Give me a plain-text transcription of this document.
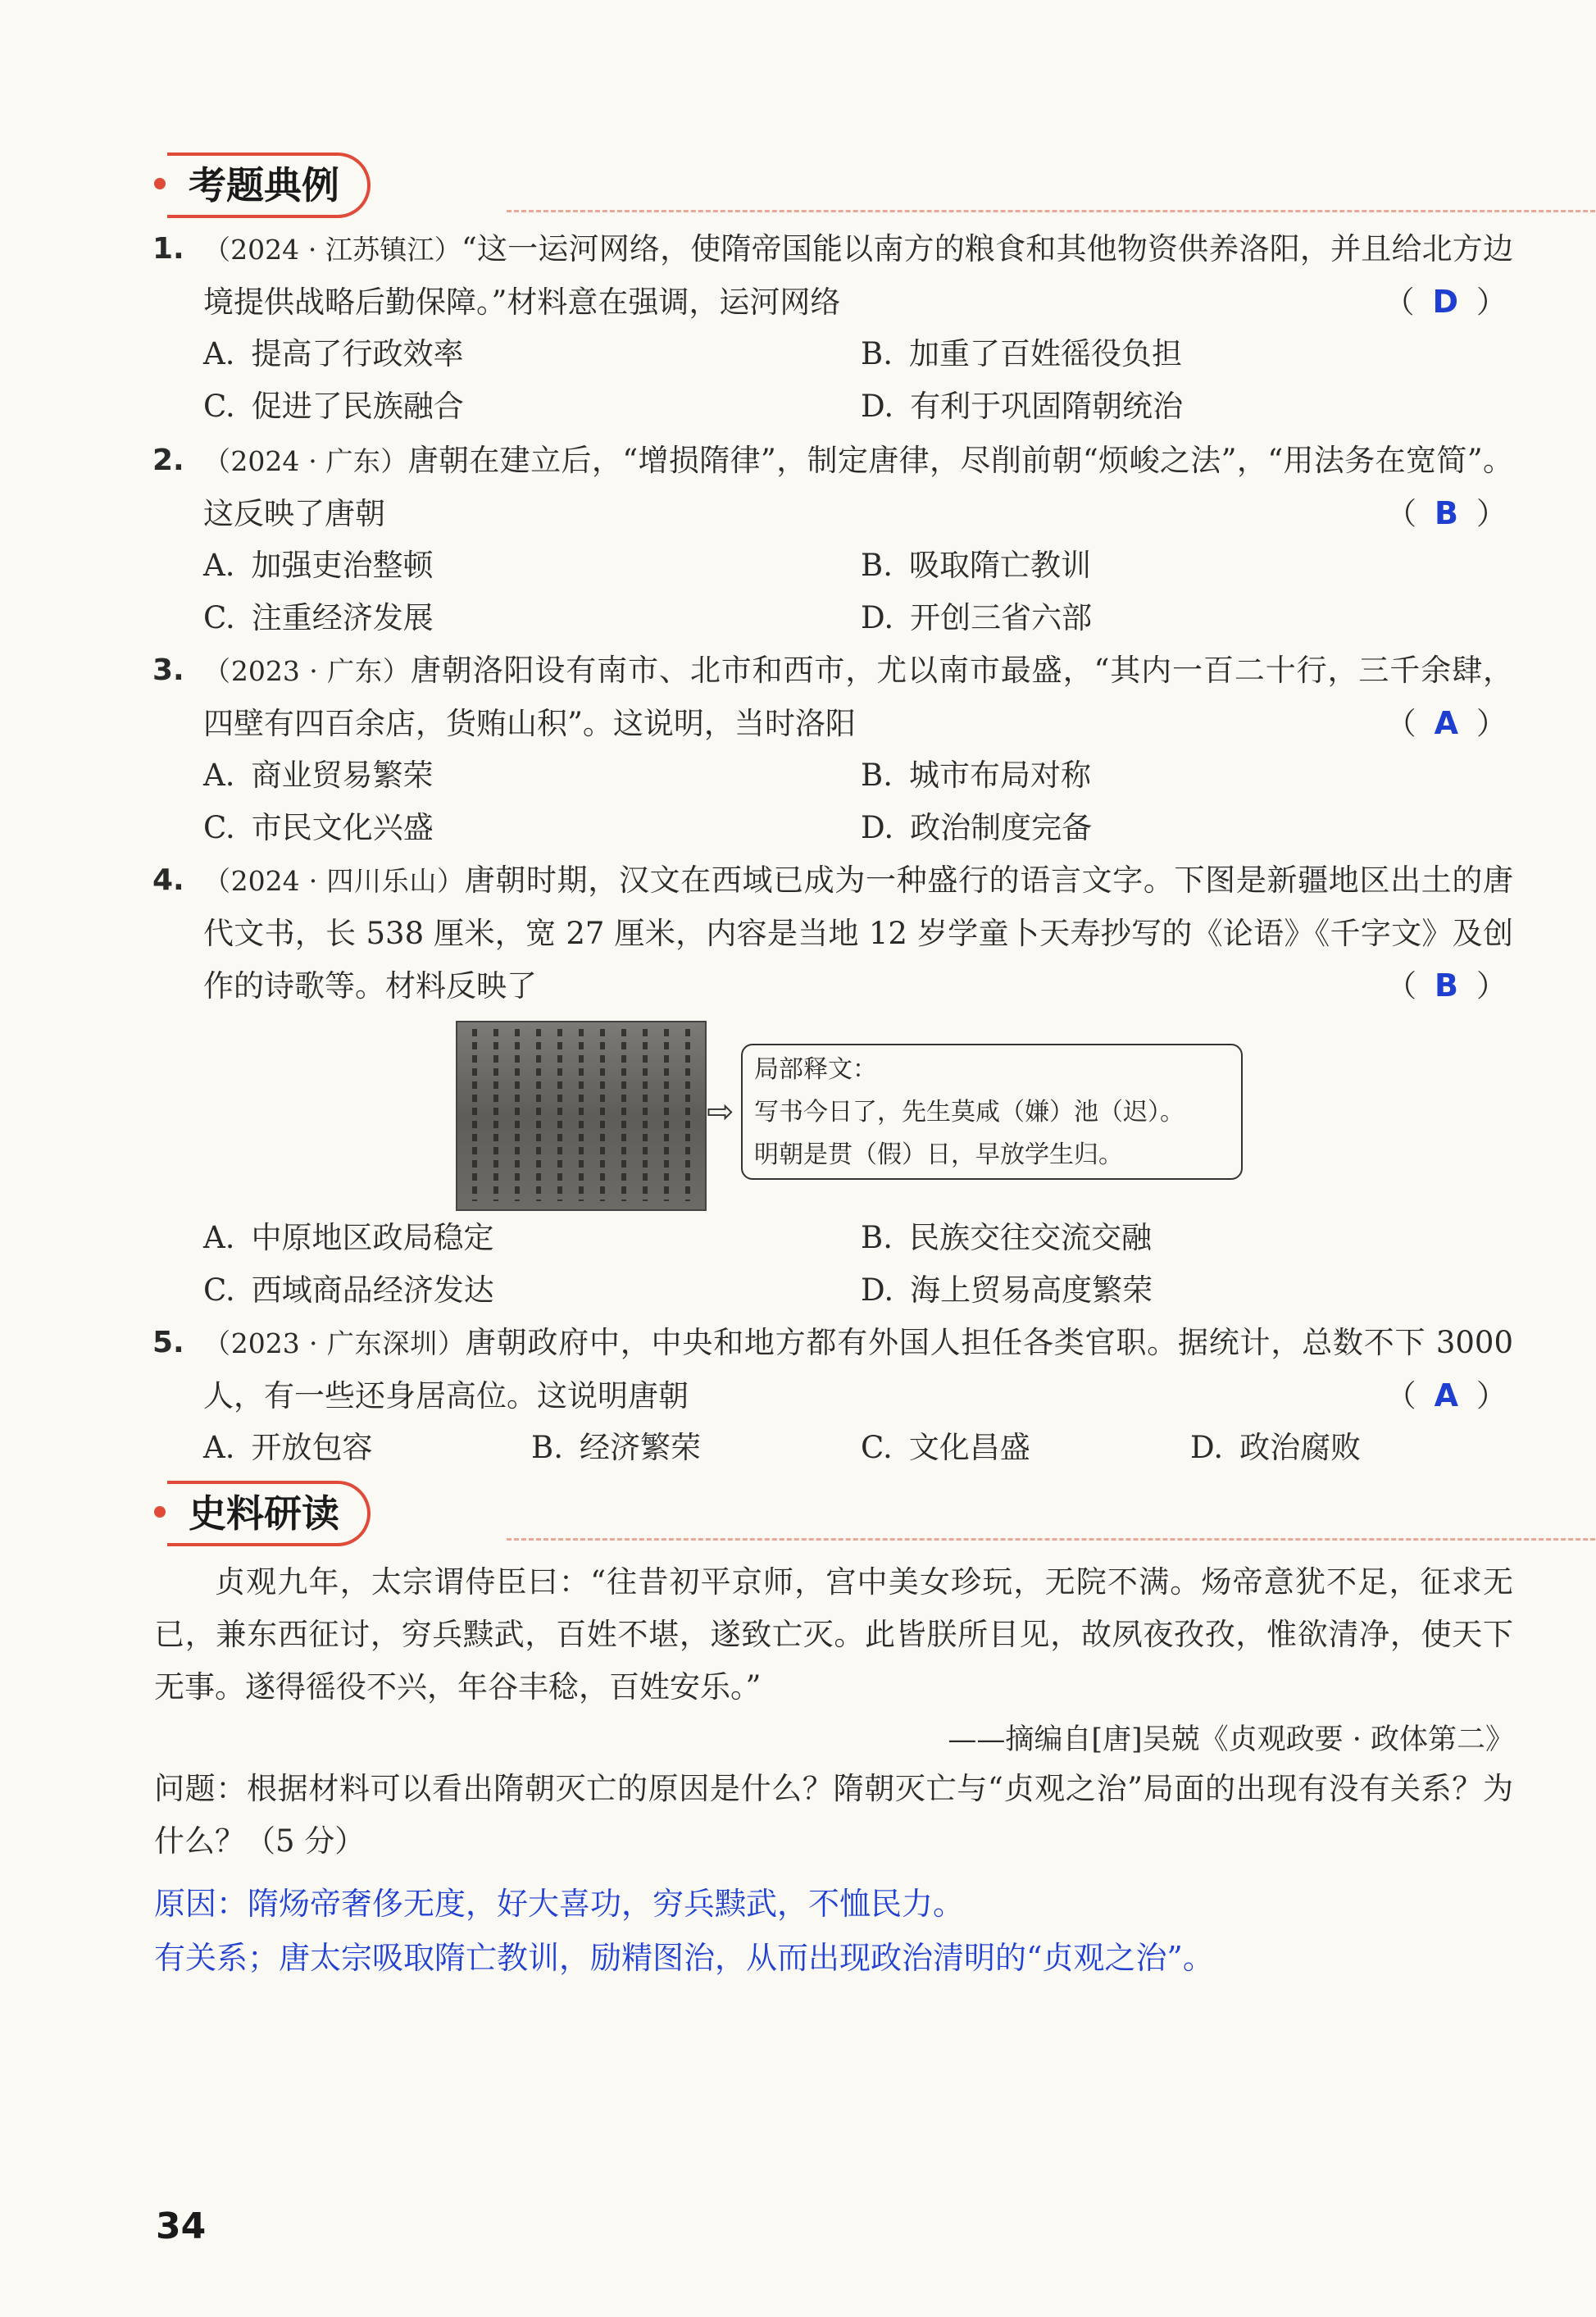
考题典例
1. （2024 · 江苏镇江）“这一运河网络，使隋帝国能以南方的粮食和其他物资供养洛阳，并且给北方边境提供战略后勤保障。”材料意在强调，运河网络	（ D ）
A. 提高了行政效率	B. 加重了百姓徭役负担
C. 促进了民族融合	D. 有利于巩固隋朝统治
2. （2024 · 广东）唐朝在建立后，“增损隋律”，制定唐律，尽削前朝“烦峻之法”，“用法务在宽简”。这反映了唐朝	（ B ）
A. 加强吏治整顿	B. 吸取隋亡教训
C. 注重经济发展	D. 开创三省六部
3. （2023 · 广东）唐朝洛阳设有南市、北市和西市，尤以南市最盛，“其内一百二十行，三千余肆，四壁有四百余店，货贿山积”。这说明，当时洛阳	（ A ）
A. 商业贸易繁荣	B. 城市布局对称
C. 市民文化兴盛	D. 政治制度完备
4. （2024 · 四川乐山）唐朝时期，汉文在西域已成为一种盛行的语言文字。下图是新疆地区出土的唐代文书，长 538 厘米，宽 27 厘米，内容是当地 12 岁学童卜天寿抄写的《论语》《千字文》及创作的诗歌等。材料反映了	（ B ）
⇨
局部释文：
写书今日了，先生莫咸（嫌）池（迟）。
明朝是贯（假）日，早放学生归。
A. 中原地区政局稳定	B. 民族交往交流交融
C. 西域商品经济发达	D. 海上贸易高度繁荣
5. （2023 · 广东深圳）唐朝政府中，中央和地方都有外国人担任各类官职。据统计，总数不下 3000 人，有一些还身居高位。这说明唐朝	（ A ）
A. 开放包容	B. 经济繁荣	C. 文化昌盛	D. 政治腐败
史料研读
贞观九年，太宗谓侍臣曰：“往昔初平京师，宫中美女珍玩，无院不满。炀帝意犹不足，征求无已，兼东西征讨，穷兵黩武，百姓不堪，遂致亡灭。此皆朕所目见，故夙夜孜孜，惟欲清净，使天下无事。遂得徭役不兴，年谷丰稔，百姓安乐。”
——摘编自[唐]吴兢《贞观政要 · 政体第二》
问题：根据材料可以看出隋朝灭亡的原因是什么？隋朝灭亡与“贞观之治”局面的出现有没有关系？为什么？（5 分）
原因：隋炀帝奢侈无度，好大喜功，穷兵黩武，不恤民力。
有关系；唐太宗吸取隋亡教训，励精图治，从而出现政治清明的“贞观之治”。
34
